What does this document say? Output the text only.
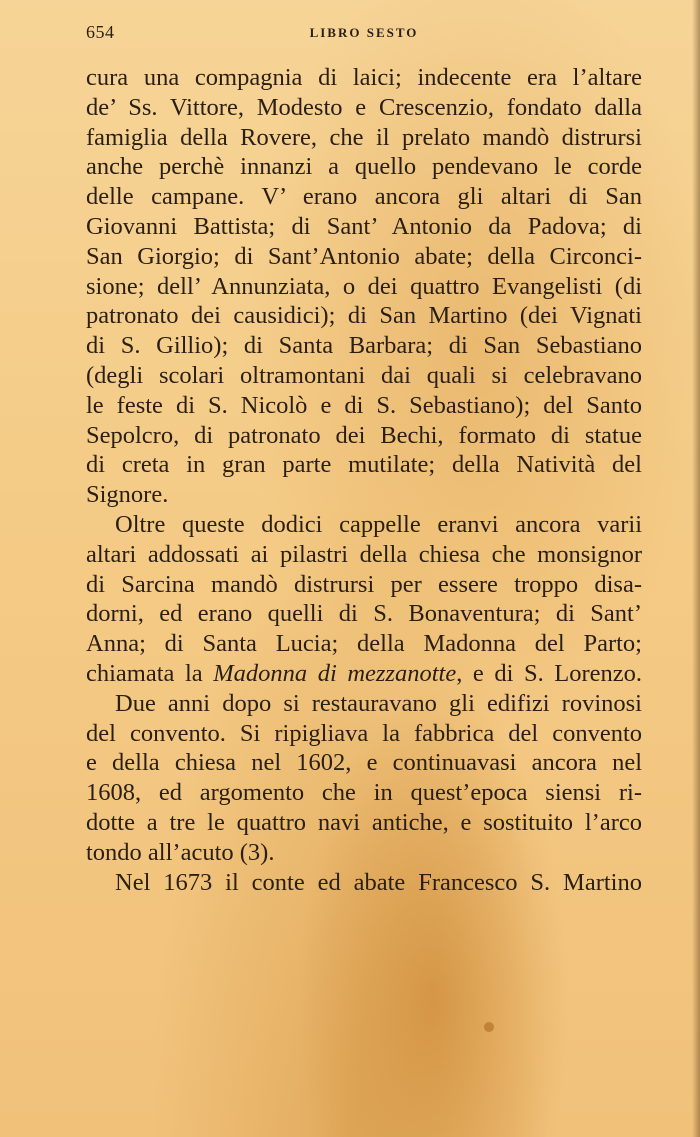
654	LIBRO SESTO
cura una compagnia di laici; indecente era l’altare
de’ Ss. Vittore, Modesto e Crescenzio, fondato dalla
famiglia della Rovere, che il prelato mandò distrursi
anche perchè innanzi a quello pendevano le corde
delle campane. V’ erano ancora gli altari di San
Giovanni Battista; di Sant’ Antonio da Padova; di
San Giorgio; di Sant’Antonio abate; della Circonci-
sione; dell’ Annunziata, o dei quattro Evangelisti (di
patronato dei causidici); di San Martino (dei Vignati
di S. Gillio); di Santa Barbara; di San Sebastiano
(degli scolari oltramontani dai quali si celebravano
le feste di S. Nicolò e di S. Sebastiano); del Santo
Sepolcro, di patronato dei Bechi, formato di statue
di creta in gran parte mutilate; della Natività del
Signore.
Oltre queste dodici cappelle eranvi ancora varii
altari addossati ai pilastri della chiesa che monsignor
di Sarcina mandò distrursi per essere troppo disa-
dorni, ed erano quelli di S. Bonaventura; di Sant’
Anna; di Santa Lucia; della Madonna del Parto;
chiamata la Madonna di mezzanotte, e di S. Lorenzo.
Due anni dopo si restauravano gli edifizi rovinosi
del convento. Si ripigliava la fabbrica del convento
e della chiesa nel 1602, e continuavasi ancora nel
1608, ed argomento che in quest’epoca siensi ri-
dotte a tre le quattro navi antiche, e sostituito l’arco
tondo all’acuto (3).
Nel 1673 il conte ed abate Francesco S. Martino
